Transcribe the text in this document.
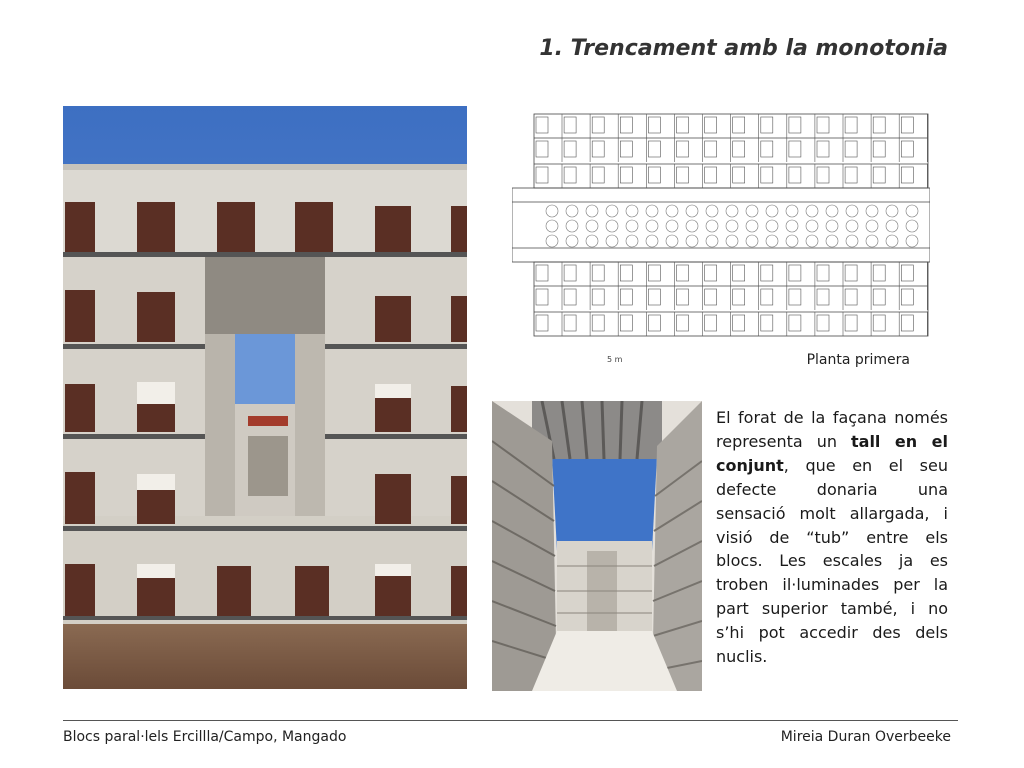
1. Trencament amb la monotonia
5 m	Planta primera
El forat de la façana només representa un tall en el conjunt, que en el seu defecte donaria una sensació molt allargada, i visió de “tub” entre els blocs. Les escales ja es troben il·luminades per la part superior també, i no s’hi pot accedir des dels nuclis.
Blocs paral·lels Ercillla/Campo, Mangado	Mireia Duran Overbeeke
